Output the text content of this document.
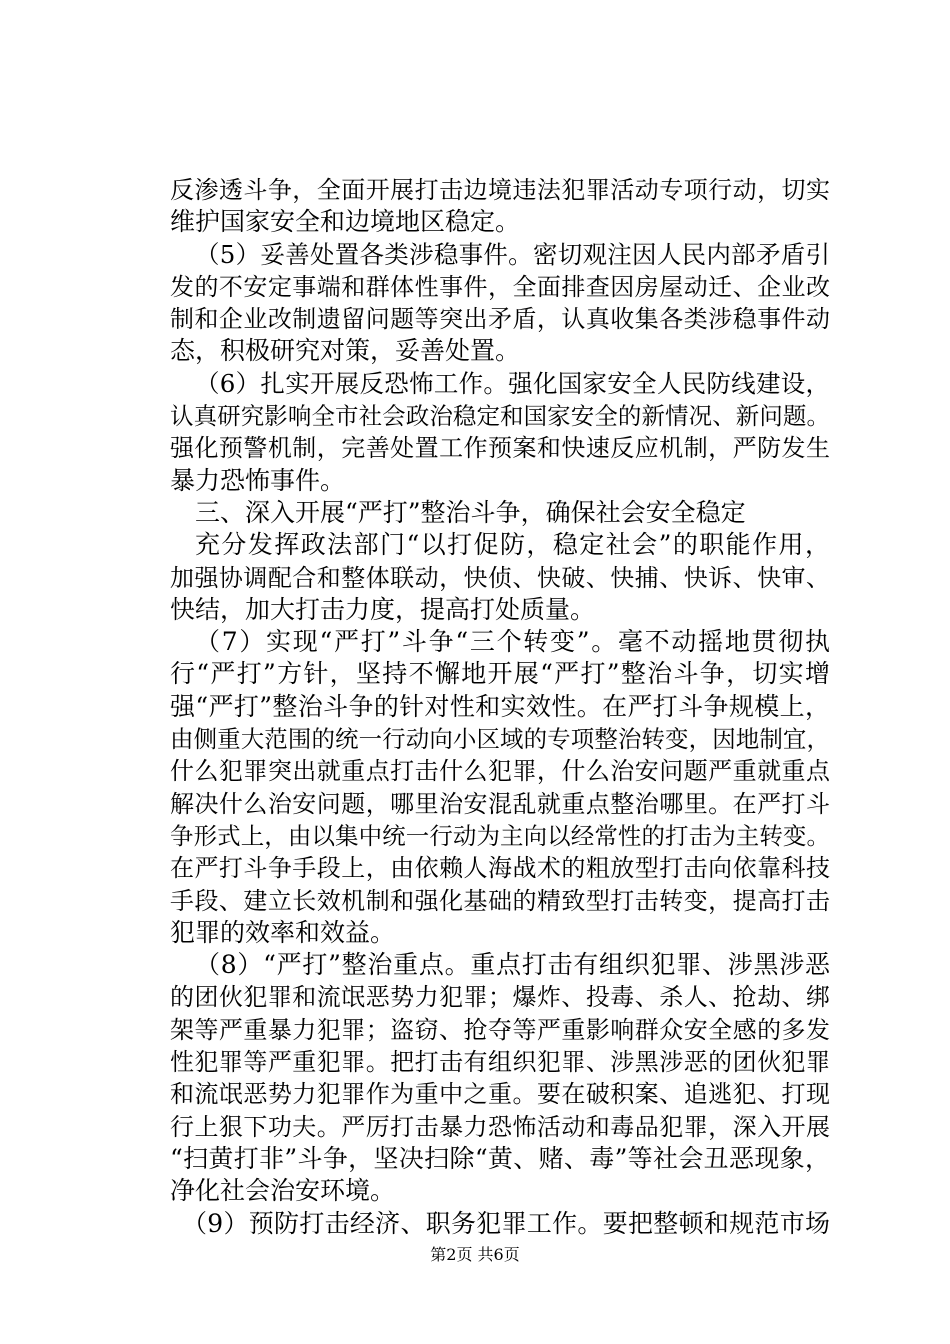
反渗透斗争，全面开展打击边境违法犯罪活动专项行动，切实
维护国家安全和边境地区稳定。
（5）妥善处置各类涉稳事件。密切观注因人民内部矛盾引
发的不安定事端和群体性事件，全面排查因房屋动迁、企业改
制和企业改制遗留问题等突出矛盾，认真收集各类涉稳事件动
态，积极研究对策，妥善处置。
（6）扎实开展反恐怖工作。强化国家安全人民防线建设，
认真研究影响全市社会政治稳定和国家安全的新情况、新问题。
强化预警机制，完善处置工作预案和快速反应机制，严防发生
暴力恐怖事件。
三、深入开展“严打”整治斗争，确保社会安全稳定
充分发挥政法部门“以打促防，稳定社会”的职能作用，
加强协调配合和整体联动，快侦、快破、快捕、快诉、快审、
快结，加大打击力度，提高打处质量。
（7）实现“严打”斗争“三个转变”。毫不动摇地贯彻执
行“严打”方针，坚持不懈地开展“严打”整治斗争，切实增
强“严打”整治斗争的针对性和实效性。在严打斗争规模上，
由侧重大范围的统一行动向小区域的专项整治转变，因地制宜，
什么犯罪突出就重点打击什么犯罪，什么治安问题严重就重点
解决什么治安问题，哪里治安混乱就重点整治哪里。在严打斗
争形式上，由以集中统一行动为主向以经常性的打击为主转变。
在严打斗争手段上，由依赖人海战术的粗放型打击向依靠科技
手段、建立长效机制和强化基础的精致型打击转变，提高打击
犯罪的效率和效益。
（8）“严打”整治重点。重点打击有组织犯罪、涉黑涉恶
的团伙犯罪和流氓恶势力犯罪；爆炸、投毒、杀人、抢劫、绑
架等严重暴力犯罪；盗窃、抢夺等严重影响群众安全感的多发
性犯罪等严重犯罪。把打击有组织犯罪、涉黑涉恶的团伙犯罪
和流氓恶势力犯罪作为重中之重。要在破积案、追逃犯、打现
行上狠下功夫。严厉打击暴力恐怖活动和毒品犯罪，深入开展
“扫黄打非”斗争，坚决扫除“黄、赌、毒”等社会丑恶现象，
净化社会治安环境。
（9）预防打击经济、职务犯罪工作。要把整顿和规范市场
第2页 共6页
